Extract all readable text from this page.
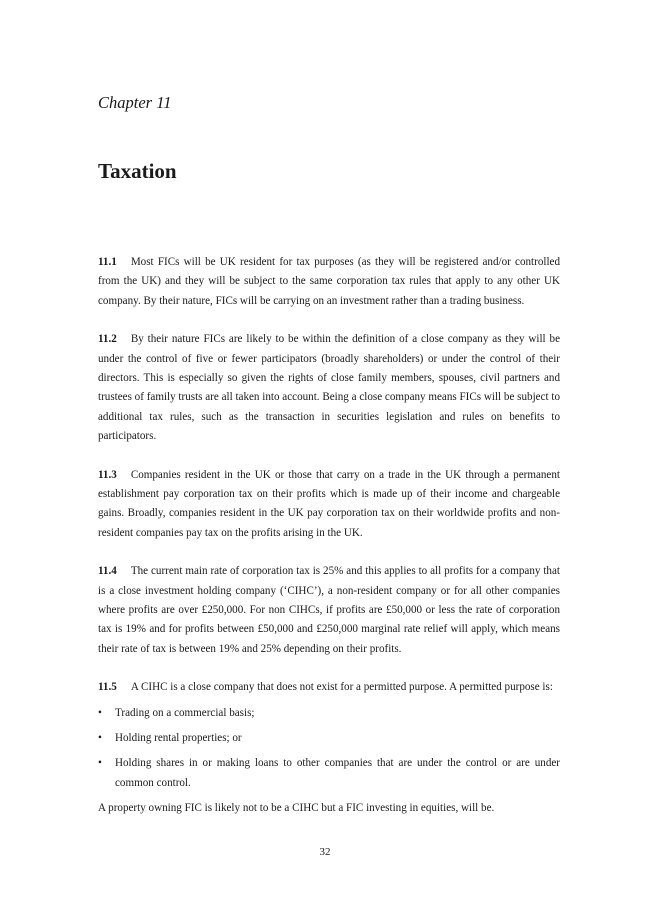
Chapter 11
Taxation

11.1 Most FICs will be UK resident for tax purposes (as they will be registered and/or controlled from the UK) and they will be subject to the same corporation tax rules that apply to any other UK company. By their nature, FICs will be carrying on an investment rather than a trading business.

11.2 By their nature FICs are likely to be within the definition of a close company as they will be under the control of five or fewer participators (broadly shareholders) or under the control of their directors. This is especially so given the rights of close family members, spouses, civil partners and trustees of family trusts are all taken into account. Being a close company means FICs will be subject to additional tax rules, such as the transaction in securities legislation and rules on benefits to participators.

11.3 Companies resident in the UK or those that carry on a trade in the UK through a permanent establishment pay corporation tax on their profits which is made up of their income and chargeable gains. Broadly, companies resident in the UK pay corporation tax on their worldwide profits and non-resident companies pay tax on the profits arising in the UK.

11.4 The current main rate of corporation tax is 25% and this applies to all profits for a company that is a close investment holding company (‘CIHC’), a non-resident company or for all other companies where profits are over £250,000. For non CIHCs, if profits are £50,000 or less the rate of corporation tax is 19% and for profits between £50,000 and £250,000 marginal rate relief will apply, which means their rate of tax is between 19% and 25% depending on their profits.

11.5 A CIHC is a close company that does not exist for a permitted purpose. A permitted purpose is:

• Trading on a commercial basis;
• Holding rental properties; or
• Holding shares in or making loans to other companies that are under the control or are under common control.

A property owning FIC is likely not to be a CIHC but a FIC investing in equities, will be.

32
